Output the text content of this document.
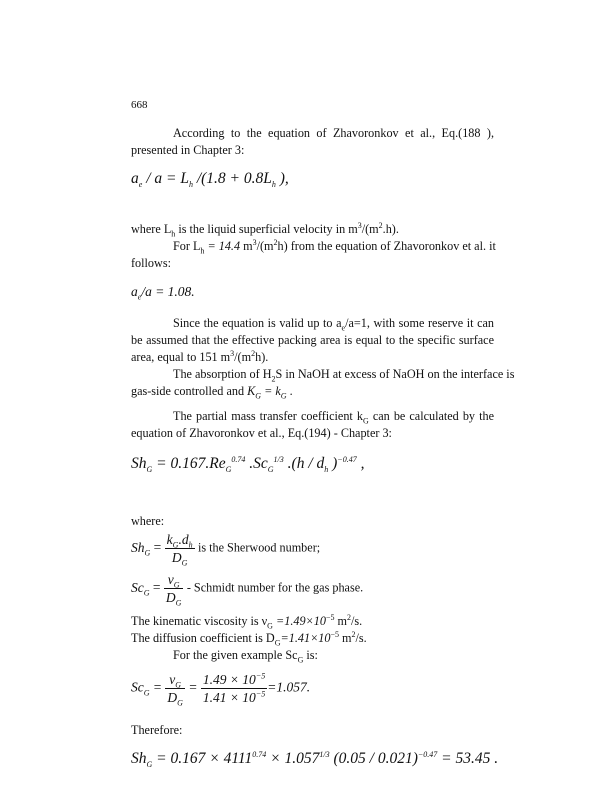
668
According to the equation of Zhavoronkov et al., Eq.(188 ), presented in Chapter 3:
$a_e / a = L_h$ $/(1.8 + 0.8L_h$ ),
where $L_h$ is the liquid superficial velocity in $m^3/(m^2.h)$.
For $L_h = 14.4$ $m^3/(m^2h)$ from the equation of Zhavoronkov et al. it
follows:
$a_e/a = 1.08$.
Since the equation is valid up to $a_e/a=1$, with some reserve it can be assumed that the effective packing area is equal to the specific surface area, equal to 151 $m^3/(m^2h)$.
The absorption of $H_2S$ in NaOH at excess of NaOH on the interface is
gas-side controlled and $K_G = k_G$ .
The partial mass transfer coefficient $k_G$ can be calculated by the equation of Zhavoronkov et al., Eq.(194) - Chapter 3:
$Sh_G = 0.167.Re_G^{0.74}$ $.Sc_G^{1/3}$ $.(h / d_h$ )$^{-0.47}$ ,
where:
$Sh_G = \frac{k_G.d_h}{D_G}$ is the Sherwood number;
$Sc_G = \frac{\nu_G}{D_G}$ - Schmidt number for the gas phase.
The kinematic viscosity is $\nu_G =1.49\times 10^{-5}$ $m^2/s$.
The diffusion coefficient is $D_G=1.41\times 10^{-5}$ $m^2/s$.
For the given example $Sc_G$ is:
$Sc_G = \frac{\nu_G}{D_G} = \frac{1.49 \times 10^{-5}}{1.41 \times 10^{-5}} =1.057$.
Therefore:
$Sh_G = 0.167 \times 4111^{0.74} \times 1.057^{1/3}$ (0.05 / 0.021)$^{-0.47}$ = 53.45 .
